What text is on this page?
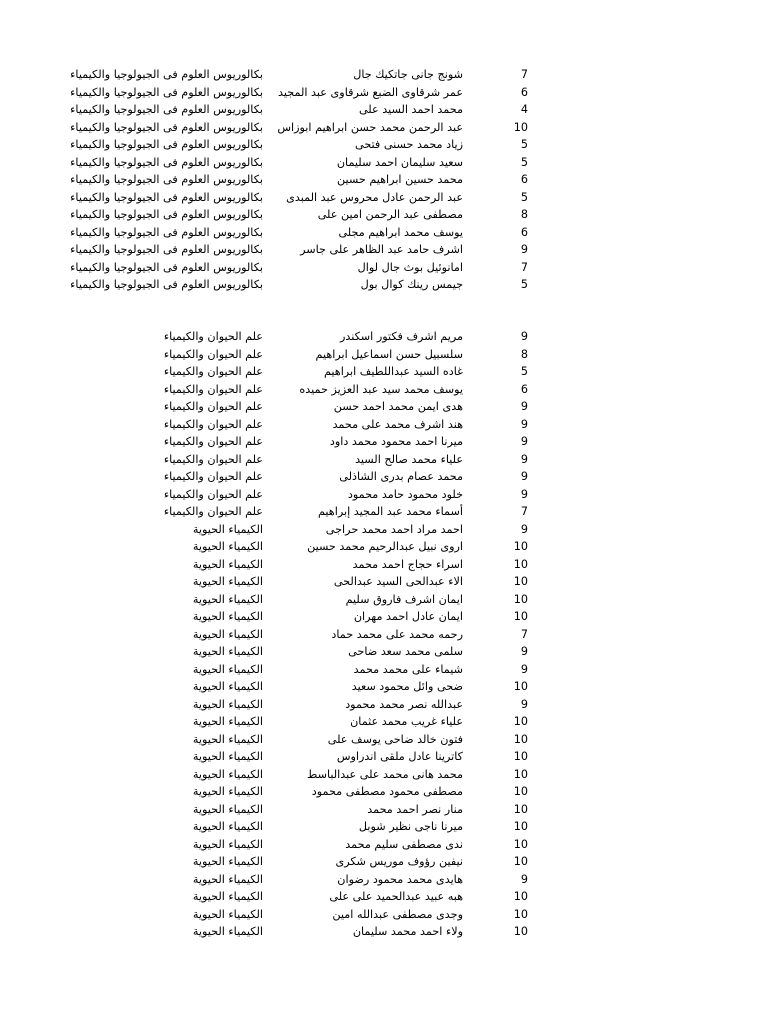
7
شونج جانى جاتكيك جال
بكالوريوس العلوم فى الجيولوجيا والكيمياء
6
عمر شرقاوى الضبع شرقاوى عبد المجيد
بكالوريوس العلوم فى الجيولوجيا والكيمياء
4
محمد احمد السيد على
بكالوريوس العلوم فى الجيولوجيا والكيمياء
10
عبد الرحمن محمد حسن ابراهيم ابوزاس
بكالوريوس العلوم فى الجيولوجيا والكيمياء
5
زياد محمد حسنى فتحى
بكالوريوس العلوم فى الجيولوجيا والكيمياء
5
سعيد سليمان احمد سليمان
بكالوريوس العلوم فى الجيولوجيا والكيمياء
6
محمد حسين ابراهيم حسين
بكالوريوس العلوم فى الجيولوجيا والكيمياء
5
عبد الرحمن عادل محروس عبد المبدى
بكالوريوس العلوم فى الجيولوجيا والكيمياء
8
مصطفى عبد الرحمن امين على
بكالوريوس العلوم فى الجيولوجيا والكيمياء
6
يوسف محمد ابراهيم مجلى
بكالوريوس العلوم فى الجيولوجيا والكيمياء
9
اشرف حامد عبد الظاهر على جاسر
بكالوريوس العلوم فى الجيولوجيا والكيمياء
7
امانوئيل بوث جال لوال
بكالوريوس العلوم فى الجيولوجيا والكيمياء
5
جيمس رينك كوال بول
بكالوريوس العلوم فى الجيولوجيا والكيمياء
9
مريم اشرف فكتور اسكندر
علم الحيوان والكيمياء
8
سلسبيل حسن اسماعيل ابراهيم
علم الحيوان والكيمياء
5
غاده السيد عبداللطيف ابراهيم
علم الحيوان والكيمياء
6
يوسف محمد سيد عبد العزيز حميده
علم الحيوان والكيمياء
9
هدى ايمن محمد احمد حسن
علم الحيوان والكيمياء
9
هند اشرف محمد على محمد
علم الحيوان والكيمياء
9
ميرنا احمد محمود محمد داود
علم الحيوان والكيمياء
9
علياء محمد صالح السيد
علم الحيوان والكيمياء
9
محمد عصام بدرى الشاذلى
علم الحيوان والكيمياء
9
خلود محمود حامد محمود
علم الحيوان والكيمياء
7
أسماء محمد عبد المجيد إبراهيم
علم الحيوان والكيمياء
9
احمد مراد احمد محمد حراجى
الكيمياء الحيوية
10
اروى نبيل عبدالرحيم محمد حسين
الكيمياء الحيوية
10
اسراء حجاج احمد محمد
الكيمياء الحيوية
10
الاء عبدالحى السيد عبدالحى
الكيمياء الحيوية
10
ايمان اشرف فاروق سليم
الكيمياء الحيوية
10
ايمان عادل احمد مهران
الكيمياء الحيوية
7
رحمه محمد على محمد حماد
الكيمياء الحيوية
9
سلمى محمد سعد ضاحى
الكيمياء الحيوية
9
شيماء على محمد محمد
الكيمياء الحيوية
10
ضحى وائل محمود سعيد
الكيمياء الحيوية
9
عبدالله نصر محمد محمود
الكيمياء الحيوية
10
علياء غريب محمد عثمان
الكيمياء الحيوية
10
فتون خالد ضاحى يوسف على
الكيمياء الحيوية
10
كاترينا عادل ملقى اندراوس
الكيمياء الحيوية
10
محمد هانى محمد على عبدالباسط
الكيمياء الحيوية
10
مصطفى محمود مصطفى محمود
الكيمياء الحيوية
10
منار نصر احمد محمد
الكيمياء الحيوية
10
ميرنا ناجى نظير شوبل
الكيمياء الحيوية
10
ندى مصطفى سليم محمد
الكيمياء الحيوية
10
نيفين رؤوف موريس شكرى
الكيمياء الحيوية
9
هايدى محمد محمود رضوان
الكيمياء الحيوية
10
هبه عبيد عبدالحميد على على
الكيمياء الحيوية
10
وجدى مصطفى عبدالله امين
الكيمياء الحيوية
10
ولاء احمد محمد سليمان
الكيمياء الحيوية
